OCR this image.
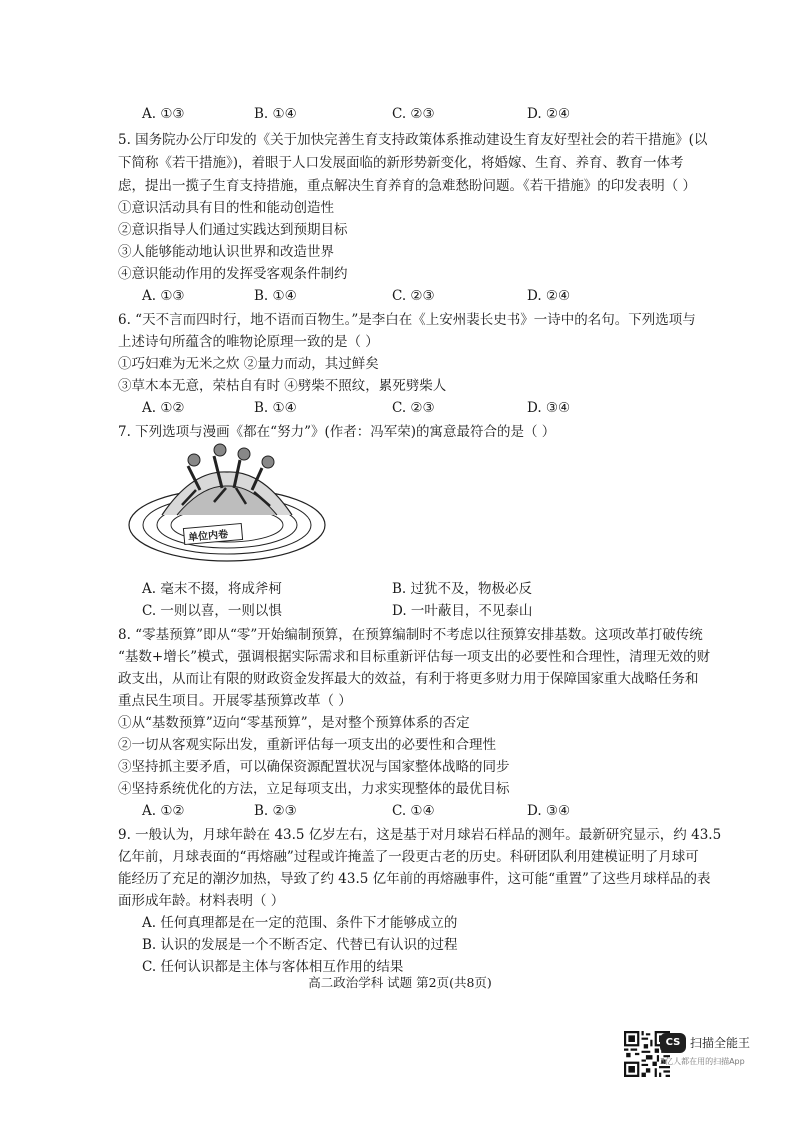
A. ①③	B. ①④	C. ②③	D. ②④
5. 国务院办公厅印发的《关于加快完善生育支持政策体系推动建设生育友好型社会的若干措施》(以
下简称《若干措施》)，着眼于人口发展面临的新形势新变化，将婚嫁、生育、养育、教育一体考
虑，提出一揽子生育支持措施，重点解决生育养育的急难愁盼问题。《若干措施》的印发表明（ ）
①意识活动具有目的性和能动创造性
②意识指导人们通过实践达到预期目标
③人能够能动地认识世界和改造世界
④意识能动作用的发挥受客观条件制约
A. ①③	B. ①④	C. ②③	D. ②④
6. “天不言而四时行，地不语而百物生。”是李白在《上安州裴长史书》一诗中的名句。下列选项与
上述诗句所蕴含的唯物论原理一致的是（ ）
①巧妇难为无米之炊 ②量力而动，其过鲜矣
③草木本无意，荣枯自有时 ④劈柴不照纹，累死劈柴人
A. ①②	B. ①④	C. ②③	D. ③④
7. 下列选项与漫画《都在“努力”》(作者：冯军荣)的寓意最符合的是（ ）
单位内卷
A. 毫末不掇，将成斧柯	B. 过犹不及，物极必反
C. 一则以喜，一则以惧	D. 一叶蔽目，不见泰山
8. “零基预算”即从“零”开始编制预算，在预算编制时不考虑以往预算安排基数。这项改革打破传统
“基数+增长”模式，强调根据实际需求和目标重新评估每一项支出的必要性和合理性，清理无效的财
政支出，从而让有限的财政资金发挥最大的效益，有利于将更多财力用于保障国家重大战略任务和
重点民生项目。开展零基预算改革（ ）
①从“基数预算”迈向“零基预算”，是对整个预算体系的否定
②一切从客观实际出发，重新评估每一项支出的必要性和合理性
③坚持抓主要矛盾，可以确保资源配置状况与国家整体战略的同步
④坚持系统优化的方法，立足每项支出，力求实现整体的最优目标
A. ①②	B. ②③	C. ①④	D. ③④
9. 一般认为，月球年龄在 43.5 亿岁左右，这是基于对月球岩石样品的测年。最新研究显示，约 43.5
亿年前，月球表面的“再熔融”过程或许掩盖了一段更古老的历史。科研团队利用建模证明了月球可
能经历了充足的潮汐加热，导致了约 43.5 亿年前的再熔融事件，这可能“重置”了这些月球样品的表
面形成年龄。材料表明（ ）
A. 任何真理都是在一定的范围、条件下才能够成立的
B. 认识的发展是一个不断否定、代替已有认识的过程
C. 任何认识都是主体与客体相互作用的结果
高二政治学科 试题 第2页(共8页)
CS 扫描全能王
3亿人都在用的扫描App
